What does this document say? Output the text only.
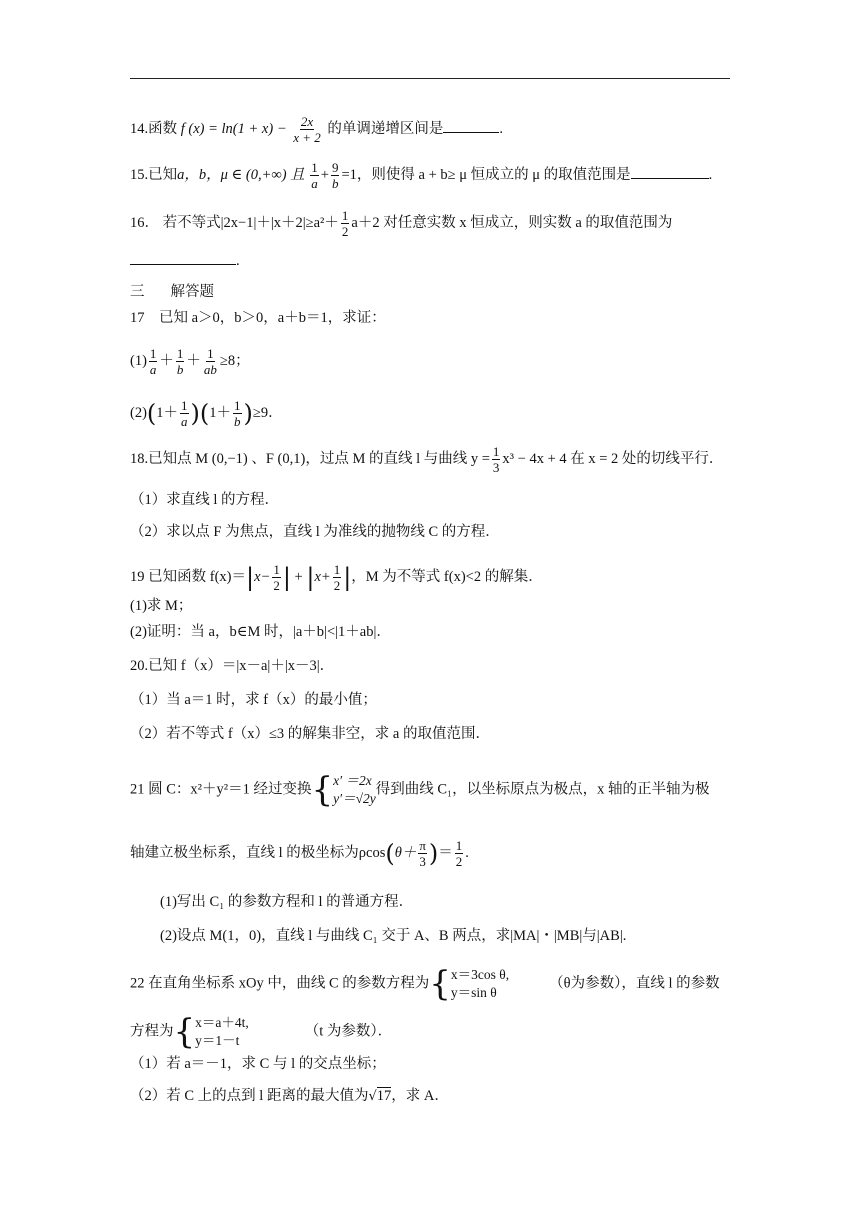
14.函数 f $(x) = \ln(1 + x) - \frac{2x}{x + 2}$ 的单调递增区间是	.
15.已知a，b，μ ∈ (0,+∞) 且 $\frac{1}{a} + \frac{9}{b} =1$，则使得 a + b≥ μ 恒成立的 μ 的取值范围是	.
16． 若不等式$|2x-1|+|x+2|\ge a^2+ \frac{1}{2} a+2$ 对任意实数 x 恒成立，则实数 a 的取值范围为
.
三 解答题
17　已知 a＞0，b＞0，a＋b＝1，求证：
$(1) \frac{1}{a} + \frac{1}{b} + \frac{1}{ab} \ge 8$；
$(2)(1+ \frac{1}{a} )(1+ \frac{1}{b} )\ge 9$．
18.已知点 M (0,−1) 、F (0,1)，过点 M 的直线 l 与曲线 $y = \frac{1}{3} x^3 - 4x + 4$ 在 x = 2 处的切线平行．
（1）求直线 l 的方程．
（2）求以点 F 为焦点，直线 l 为准线的抛物线 C 的方程．
19 已知函数 $f(x)=|x- \frac{1}{2}$ | + $|x+ \frac{1}{2}$ |，M 为不等式 f(x)<2 的解集．
(1)求 M；
(2)证明：当 a，b∈M 时，|a＋b|<|1＋ab|．
20.已知 f（x）＝|x－a|＋|x－3|．
（1）当 a＝1 时，求 f（x）的最小值；
（2）若不等式 f（x）≤3 的解集非空，求 a 的取值范围．
21 圆 C：x²＋y²＝1 经过变换 { x′ ＝2x
y′＝√2y
得到曲线 C₁，以坐标原点为极点，x 轴的正半轴为极
轴建立极坐标系，直线 l 的极坐标为$\rho\cos(\theta+ \frac{\pi}{3}$ )＝ $\frac{1}{2}$ .
(1)写出 C₁ 的参数方程和 l 的普通方程．
(2)设点 M(1，0)，直线 l 与曲线 C₁ 交于 A、B 两点，求|MA|・|MB|与|AB|.
22 在直角坐标系 xOy 中，曲线 C 的参数方程为 { x＝3cos θ,
y＝sin θ
（θ为参数），直线 l 的参数
方程为 { x＝a＋4t,
y＝1－t
（t 为参数）．
（1）若 a＝－1，求 C 与 l 的交点坐标；
（2）若 C 上的点到 l 距离的最大值为√17，求 A．
